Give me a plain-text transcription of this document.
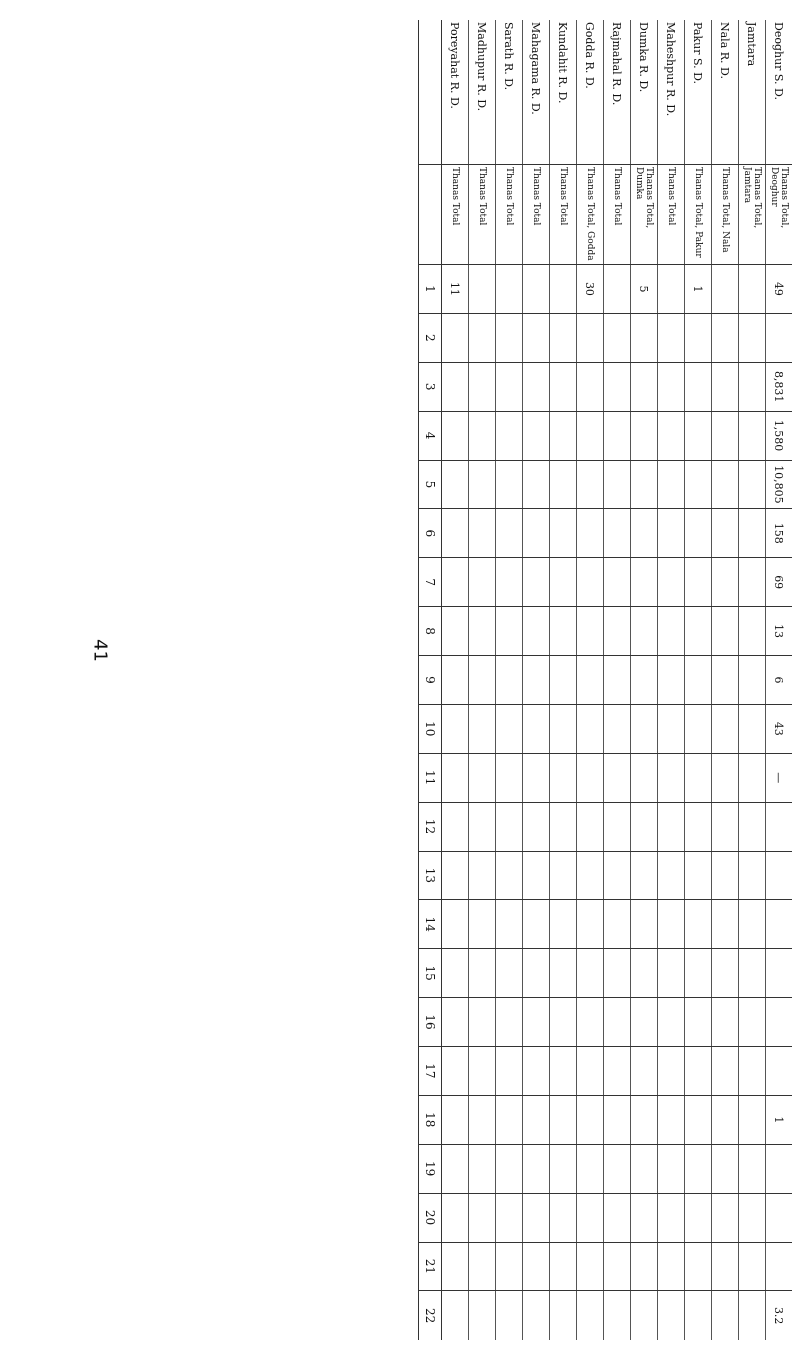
41
Deoghur S. D.	Thanas Total, Deoghur	49		8,831	1,580	10,805	158	69	13	6	43	—							1				3.2
Jamtara	Thanas Total, Jamtara																						
Nala R. D.	Thanas Total, Nala																						
Pakur S. D.	Thanas Total, Pakur	1																					
Maheshpur R. D.	Thanas Total																						
Dumka R. D.	Thanas Total, Dumka	5																					
Rajmahal R. D.	Thanas Total																						
Godda R. D.	Thanas Total, Godda	30																					
Kundahit R. D.	Thanas Total																						
Mahagama R. D.	Thanas Total																						
Sarath R. D.	Thanas Total																						
Madhupur R. D.	Thanas Total																						
Poreyahat R. D.	Thanas Total	11																					
		1	2	3	4	5	6	7	8	9	10	11	12	13	14	15	16	17	18	19	20	21	22
